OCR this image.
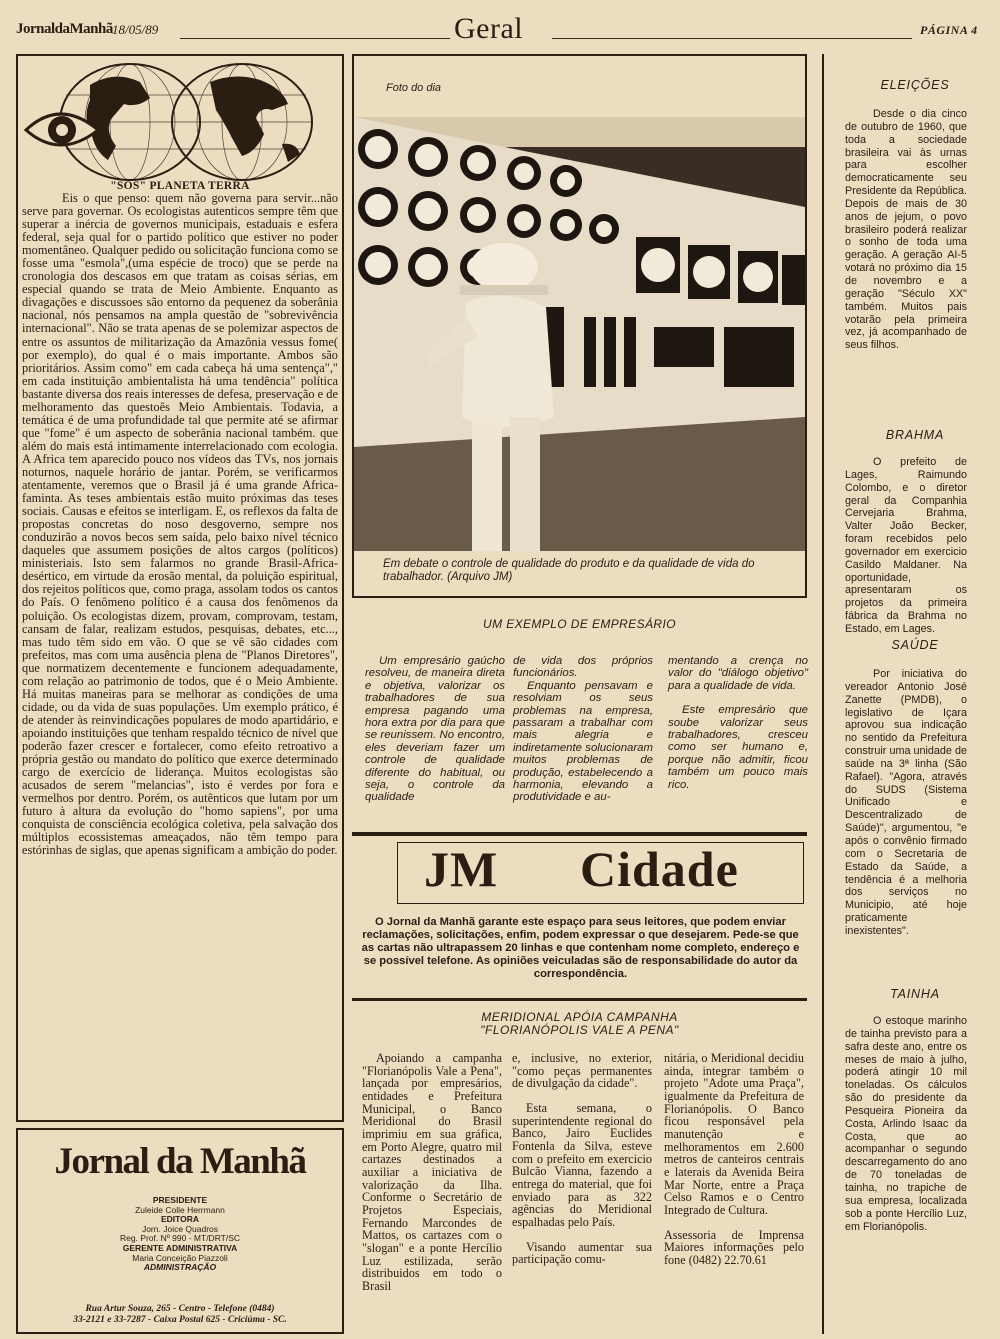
JornaldaManhã 18/05/89	Geral	PÁGINA 4
"SOS" PLANETA TERRA
Eis o que penso: quem não governa para servir...não serve para governar. Os ecologistas autenticos sempre têm que superar a inércia de governos municipais, estaduais e esfera federal, seja qual for o partido político que estiver no poder momentâneo. Qualquer pedido ou solicitação funciona como se fosse uma "esmola",(uma espécie de troco) que se perde na cronologia dos descasos em que tratam as coisas sérias, em especial quando se trata de Meio Ambiente. Enquanto as divagações e discussoes são entorno da pequenez da soberânia nacional, nós pensamos na ampla questão de "sobrevivência internacional". Não se trata apenas de se polemizar aspectos de entre os assuntos de militarização da Amazônia vessus fome( por exemplo), do qual é o mais importante. Ambos são prioritários. Assim como" em cada cabeça há uma sentença"," em cada instituição ambientalista há uma tendência" política bastante diversa dos reais interesses de defesa, preservação e de melhoramento das questoês Meio Ambientais. Todavia, a temática é de uma profundidade tal que permite até se afirmar que "fome" é um aspecto de soberânia nacional também. que além do mais está intimamente interrelacionado com ecologia. A Africa tem aparecido pouco nos vídeos das TVs, nos jornais noturnos, naquele horário de jantar. Porém, se verificarmos atentamente, veremos que o Brasil já é uma grande Africa-faminta. As teses ambientais estão muito próximas das teses sociais. Causas e efeitos se interligam. E, os reflexos da falta de propostas concretas do noso desgoverno, sempre nos conduzirão a novos becos sem saída, pelo baixo nível técnico daqueles que assumem posições de altos cargos (políticos) ministeriais. Isto sem falarmos no grande Brasil-Africa-desértico, em virtude da erosão mental, da poluição espiritual, dos rejeitos políticos que, como praga, assolam todos os cantos do País. O fenômeno político é a causa dos fenômenos da poluição. Os ecologistas dizem, provam, comprovam, testam, cansam de falar, realizam estudos, pesquisas, debates, etc..., mas tudo têm sido em vão. O que se vê são cidades com prefeitos, mas com uma ausência plena de "Planos Diretores", que normatizem decentemente e funcionem adequadamente, com relação ao patrimonio de todos, que é o Meio Ambiente. Há muitas maneiras para se melhorar as condições de uma cidade, ou da vida de suas populações. Um exemplo prático, é de atender às reinvindicações populares de modo apartidário, e apoiando instituições que tenham respaldo técnico de nível que poderão fazer crescer e fortalecer, como efeito retroativo a própria gestão ou mandato do político que exerce determinado cargo de exercício de liderança. Muitos ecologistas são acusados de serem "melancias", isto é verdes por fora e vermelhos por dentro. Porém, os autênticos que lutam por um futuro à altura da evolução do "homo sapiens", por uma conquista de consciência ecológica coletiva, pela salvação dos múltiplos ecossistemas ameaçados, não têm tempo para estórinhas de siglas, que apenas significam a ambição do poder.
Jornal da Manhã
PRESIDENTE
Zuleide Colle Herrmann
EDITORA
Jorn. Joice Quadros
Reg. Prof. Nº 990 - MT/DRT/SC
GERENTE ADMINISTRATIVA
Maria Conceição Piazzoli
ADMINISTRAÇÃO
Rua Artur Souza, 265 - Centro - Telefone (0484)
33-2121 e 33-7287 - Caixa Postal 625 - Criciúma - SC.
Foto do dia
Em debate o controle de qualidade do produto e da qualidade de vida do trabalhador. (Arquivo JM)
UM EXEMPLO DE EMPRESÁRIO

Um empresário gaúcho resolveu, de maneira direta e objetiva, valorizar os trabalhadores de sua empresa pagando uma hora extra por dia para que se reunissem. No encontro, eles deveriam fazer um controle de qualidade diferente do habitual, ou seja, o controle da qualidade

de vida dos próprios funcionários.

Enquanto pensavam e resolviam os seus problemas na empresa, passaram a trabalhar com mais alegria e indiretamente solucionaram muitos problemas de produção, estabelecendo a harmonia, elevando a produtividade e au-

mentando a crença no valor do "diálogo objetivo" para a qualidade de vida.

Este empresário que soube valorizar seus trabalhadores, cresceu como ser humano e, porque não admitir, ficou também um pouco mais rico.

JM Cidade
O Jornal da Manhã garante este espaço para seus leitores, que podem enviar reclamações, solicitações, enfim, podem expressar o que desejarem. Pede-se que as cartas não ultrapassem 20 linhas e que contenham nome completo, endereço e se possível telefone. As opiniões veiculadas são de responsabilidade do autor da correspondência.
MERIDIONAL APÓIA CAMPANHA
"FLORIANÓPOLIS VALE A PENA"

Apoiando a campanha "Florianópolis Vale a Pena", lançada por empresários, entidades e Prefeitura Municipal, o Banco Meridional do Brasil imprimiu em sua gráfica, em Porto Alegre, quatro mil cartazes destinados a auxiliar a iniciativa de valorização da Ilha. Conforme o Secretário de Projetos Especiais, Fernando Marcondes de Mattos, os cartazes com o "slogan" e a ponte Hercílio Luz estilizada, serão distribuidos em todo o Brasil

e, inclusive, no exterior, "como peças permanentes de divulgação da cidade".

Esta semana, o superintendente regional do Banco, Jairo Euclides Fontenla da Silva, esteve com o prefeito em exercicio Bulcão Vianna, fazendo a entrega do material, que foi enviado para as 322 agências do Meridional espalhadas pelo País.

Visando aumentar sua participação comu-

nitária, o Meridional decidiu ainda, integrar também o projeto "Adote uma Praça", igualmente da Prefeitura de Florianópolis. O Banco ficou responsável pela manutenção e melhoramentos em 2.600 metros de canteiros centrais e laterais da Avenida Beira Mar Norte, entre a Praça Celso Ramos e o Centro Integrado de Cultura.

Assessoria de Imprensa Maiores informações pelo fone (0482) 22.70.61

ELEIÇÕES
Desde o dia cinco de outubro de 1960, que toda a sociedade brasileira vai às urnas para escolher democraticamente seu Presidente da República. Depois de mais de 30 anos de jejum, o povo brasileiro poderá realizar o sonho de toda uma geração. A geração AI-5 votará no próximo dia 15 de novembro e a geração "Século XX" também. Muitos pais votarão pela primeira vez, já acompanhado de seus filhos.
BRAHMA
O prefeito de Lages, Raimundo Colombo, e o diretor geral da Companhia Cervejaria Brahma, Valter João Becker, foram recebidos pelo governador em exercicio Casildo Maldaner. Na oportunidade, apresentaram os projetos da primeira fábrica da Brahma no Estado, em Lages.
SAÚDE
Por iniciativa do vereador Antonio José Zanette (PMDB), o legislativo de Içara aprovou sua indicação no sentido da Prefeitura construir uma unidade de saúde na 3ª linha (São Rafael). "Agora, através do SUDS (Sistema Unificado e Descentralizado de Saúde)", argumentou, "e após o convênio firmado com o Secretaria de Estado da Saúde, a tendência é a melhoria dos serviços no Municipio, até hoje praticamente inexistentes".
TAINHA
O estoque marinho de tainha previsto para a safra deste ano, entre os meses de maio à julho, poderá atingir 10 mil toneladas. Os cálculos são do presidente da Pesqueira Pioneira da Costa, Arlindo Isaac da Costa, que ao acompanhar o segundo descarregamento do ano de 70 toneladas de tainha, no trapiche de sua empresa, localizada sob a ponte Hercílio Luz, em Florianópolis.
